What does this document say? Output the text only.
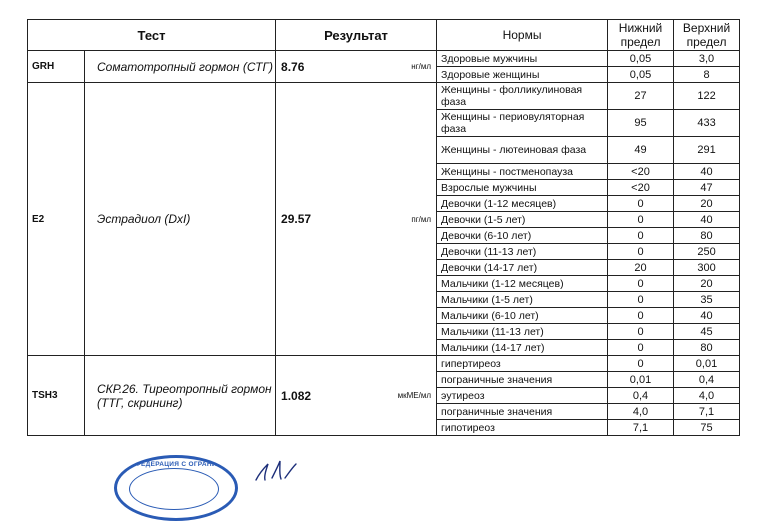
Тест		Результат	Нормы	Нижний
предел	Верхний
предел
GRH	Соматотропный гормон (СТГ)	8.76 нг/мл	Здоровые мужчины	0,05	3,0
			Здоровые женщины	0,05	8
E2	Эстрадиол (DxI)	29.57 пг/мл	Женщины - фолликулиновая фаза	27	122
			Женщины - периовуляторная фаза	95	433
			Женщины - лютеиновая фаза	49	291
			Женщины - постменопауза	<20	40
			Взрослые мужчины	<20	47
			Девочки (1-12 месяцев)	0	20
			Девочки (1-5 лет)	0	40
			Девочки (6-10 лет)	0	80
			Девочки (11-13 лет)	0	250
			Девочки (14-17 лет)	20	300
			Мальчики (1-12 месяцев)	0	20
			Мальчики (1-5 лет)	0	35
			Мальчики (6-10 лет)	0	40
			Мальчики (11-13 лет)	0	45
			Мальчики (14-17 лет)	0	80
TSH3	СКР.26. Тиреотропный гормон (ТТГ, скрининг)	1.082 мкМЕ/мл	гипертиреоз	0	0,01
			пограничные значения	0,01	0,4
			эутиреоз	0,4	4,0
			пограничные значения	4,0	7,1
			гипотиреоз	7,1	75
ФЕДЕРАЦИЯ С ОГРАНИ
